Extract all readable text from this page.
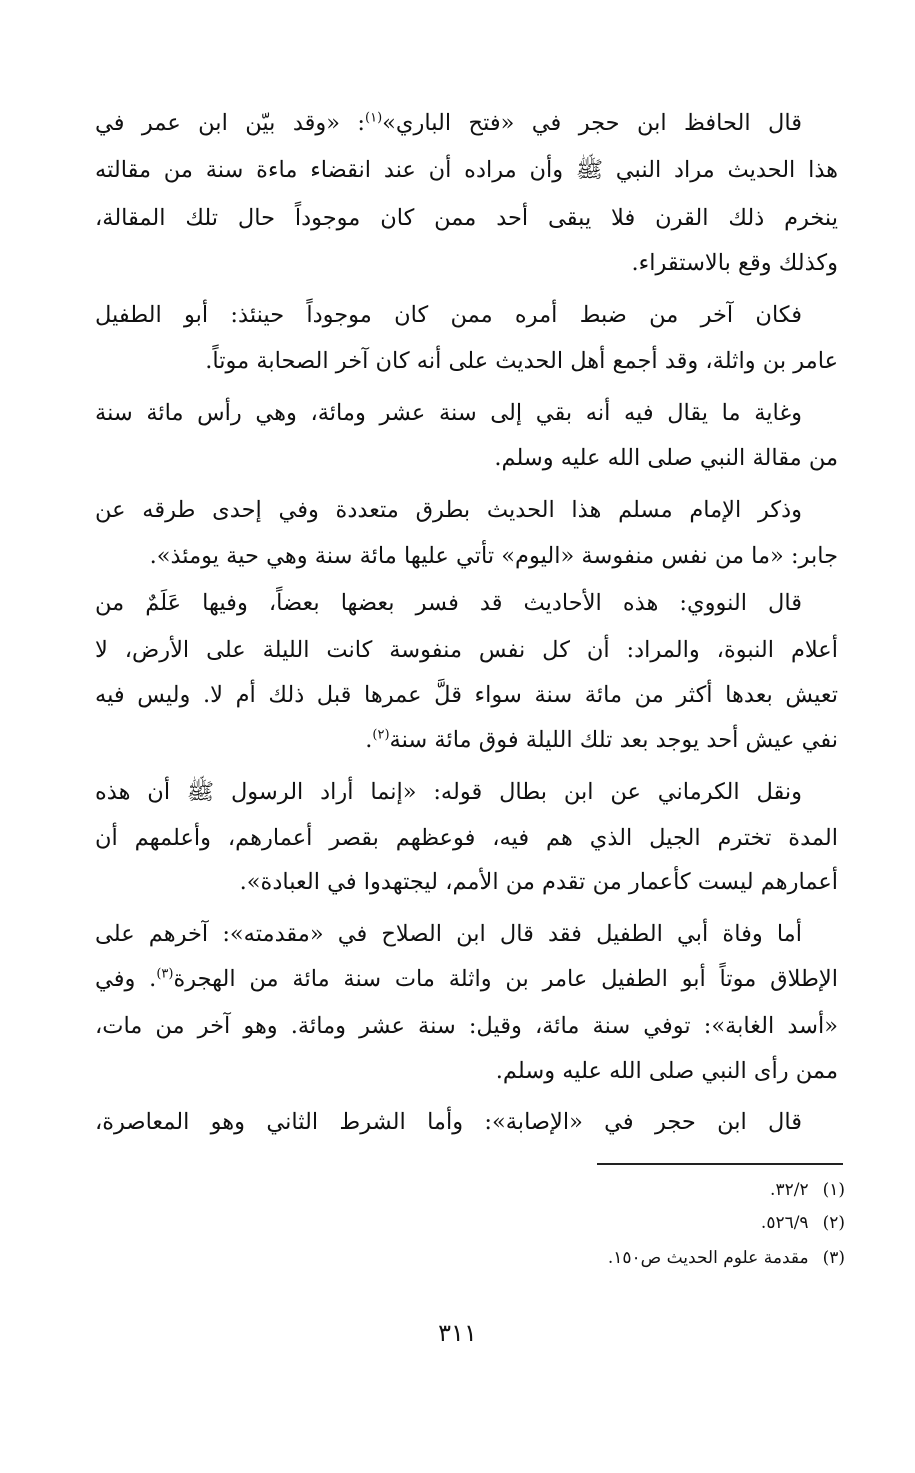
قال الحافظ ابن حجر في «فتح الباري»$^{(١)}$: «وقد بيّن ابن عمر في
هذا الحديث مراد النبي ﷺ وأن مراده أن عند انقضاء ماءة سنة من مقالته
ينخرم ذلك القرن فلا يبقى أحد ممن كان موجوداً حال تلك المقالة،
وكذلك وقع بالاستقراء.
فكان آخر من ضبط أمره ممن كان موجوداً حينئذ: أبو الطفيل
عامر بن واثلة، وقد أجمع أهل الحديث على أنه كان آخر الصحابة موتاً.
وغاية ما يقال فيه أنه بقي إلى سنة عشر ومائة، وهي رأس مائة سنة
من مقالة النبي صلى الله عليه وسلم.
وذكر الإمام مسلم هذا الحديث بطرق متعددة وفي إحدى طرقه عن
جابر: «ما من نفس منفوسة «اليوم» تأتي عليها مائة سنة وهي حية يومئذ».
قال النووي: هذه الأحاديث قد فسر بعضها بعضاً، وفيها عَلَمٌ من
أعلام النبوة، والمراد: أن كل نفس منفوسة كانت الليلة على الأرض، لا
تعيش بعدها أكثر من مائة سنة سواء قلَّ عمرها قبل ذلك أم لا. وليس فيه
نفي عيش أحد يوجد بعد تلك الليلة فوق مائة سنة$^{(٢)}$.
ونقل الكرماني عن ابن بطال قوله: «إنما أراد الرسول ﷺ أن هذه
المدة تخترم الجيل الذي هم فيه، فوعظهم بقصر أعمارهم، وأعلمهم أن
أعمارهم ليست كأعمار من تقدم من الأمم، ليجتهدوا في العبادة».
أما وفاة أبي الطفيل فقد قال ابن الصلاح في «مقدمته»: آخرهم على
الإطلاق موتاً أبو الطفيل عامر بن واثلة مات سنة مائة من الهجرة$^{(٣)}$. وفي
«أسد الغابة»: توفي سنة مائة، وقيل: سنة عشر ومائة. وهو آخر من مات،
ممن رأى النبي صلى الله عليه وسلم.
قال ابن حجر في «الإصابة»: وأما الشرط الثاني وهو المعاصرة،
(١)٣٢/٢.
(٢)٥٢٦/٩.
(٣)مقدمة علوم الحديث ص١٥٠.
٣١١
